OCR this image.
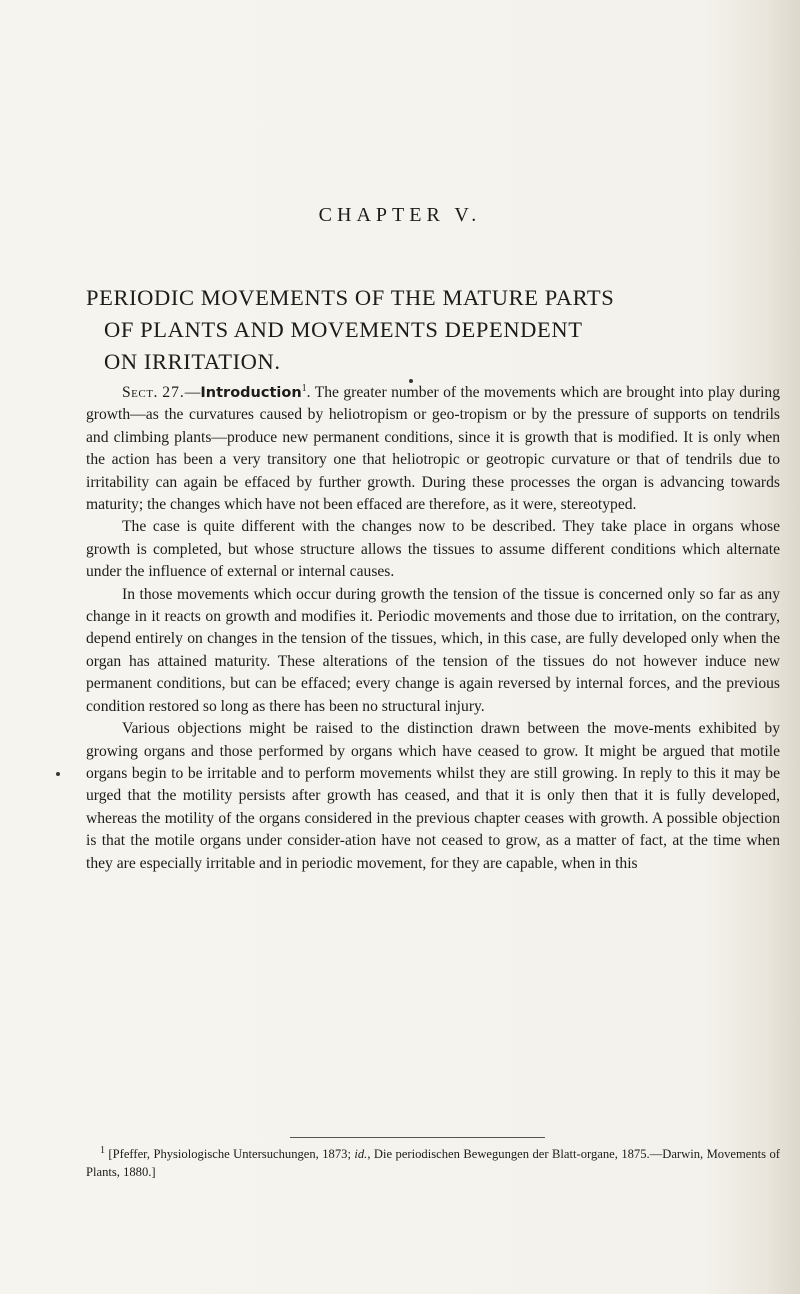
CHAPTER V.
PERIODIC MOVEMENTS OF THE MATURE PARTS
OF PLANTS AND MOVEMENTS DEPENDENT
ON IRRITATION.

Sect. 27.—Introduction$^1$. The greater number of the movements which are brought into play during growth—as the curvatures caused by heliotropism or geo-tropism or by the pressure of supports on tendrils and climbing plants—produce new permanent conditions, since it is growth that is modified. It is only when the action has been a very transitory one that heliotropic or geotropic curvature or that of tendrils due to irritability can again be effaced by further growth. During these processes the organ is advancing towards maturity; the changes which have not been effaced are therefore, as it were, stereotyped.

The case is quite different with the changes now to be described. They take place in organs whose growth is completed, but whose structure allows the tissues to assume different conditions which alternate under the influence of external or internal causes.

In those movements which occur during growth the tension of the tissue is concerned only so far as any change in it reacts on growth and modifies it. Periodic movements and those due to irritation, on the contrary, depend entirely on changes in the tension of the tissues, which, in this case, are fully developed only when the organ has attained maturity. These alterations of the tension of the tissues do not however induce new permanent conditions, but can be effaced; every change is again reversed by internal forces, and the previous condition restored so long as there has been no structural injury.

Various objections might be raised to the distinction drawn between the move-ments exhibited by growing organs and those performed by organs which have ceased to grow. It might be argued that motile organs begin to be irritable and to perform movements whilst they are still growing. In reply to this it may be urged that the motility persists after growth has ceased, and that it is only then that it is fully developed, whereas the motility of the organs considered in the previous chapter ceases with growth. A possible objection is that the motile organs under consider-ation have not ceased to grow, as a matter of fact, at the time when they are especially irritable and in periodic movement, for they are capable, when in this

$^1$ [Pfeffer, Physiologische Untersuchungen, 1873; id., Die periodischen Bewegungen der Blatt-organe, 1875.—Darwin, Movements of Plants, 1880.]
